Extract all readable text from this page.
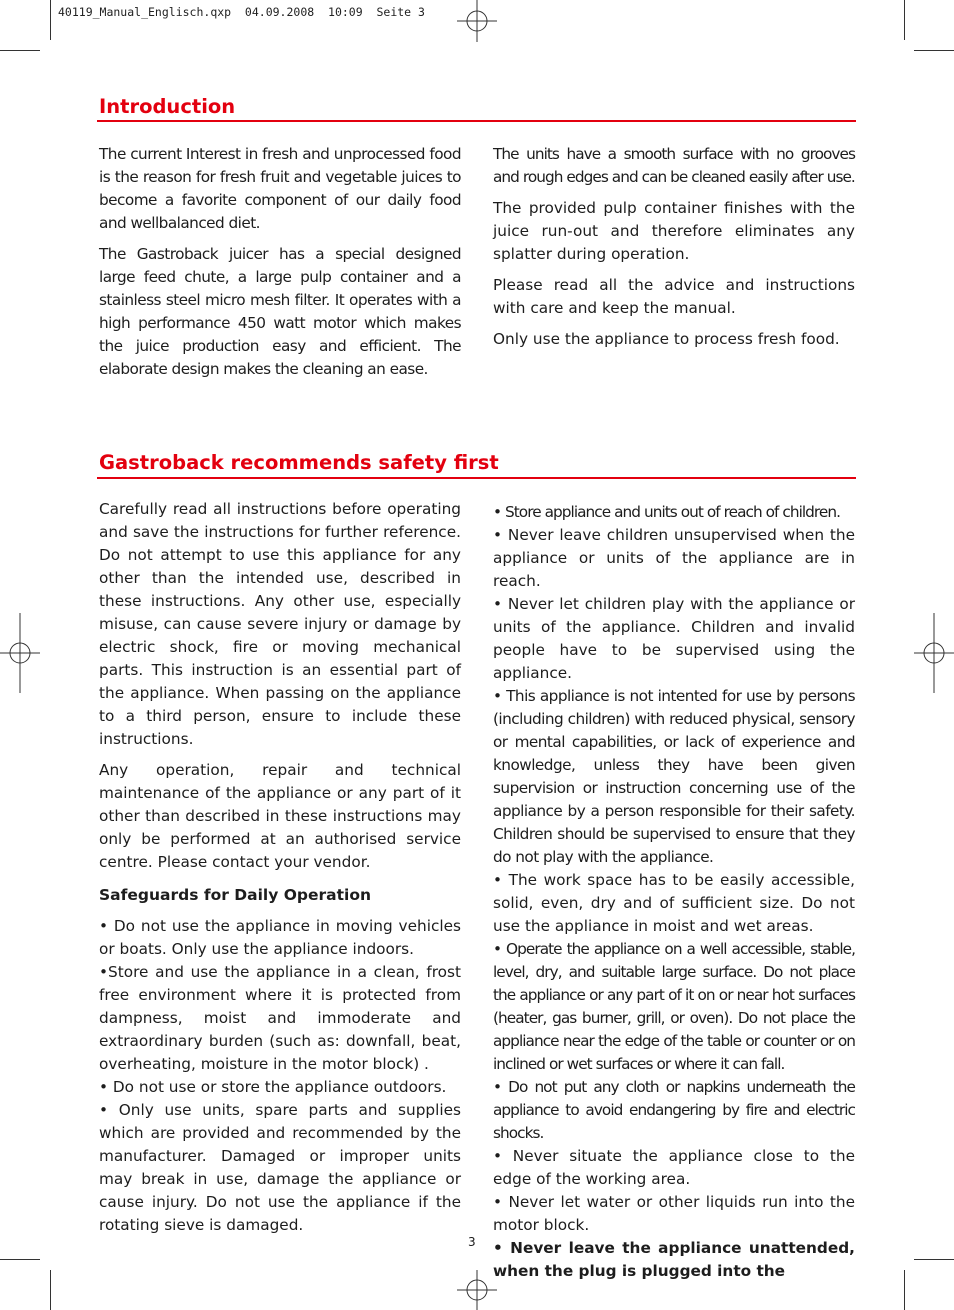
40119_Manual_Englisch.qxp  04.09.2008  10:09  Seite 3
Introduction

The current Interest in fresh and unprocessed food is the reason for fresh fruit and vegetable juices to become a favorite component of our daily food and wellbalanced diet.

The Gastroback juicer has a special designed large feed chute, a large pulp container and a stainless steel micro mesh filter. It operates with a high performance 450 watt motor which makes the juice production easy and efficient. The elaborate design makes the cleaning an ease.

The units have a smooth surface with no grooves and rough edges and can be cleaned easily after use.

The provided pulp container finishes with the juice run-out and therefore eliminates any splatter during operation.

Please read all the advice and instructions with care and keep the manual.

Only use the appliance to process fresh food.

Gastroback recommends safety first

Carefully read all instructions before operating and save the instructions for further reference. Do not attempt to use this appliance for any other than the intended use, described in these instructions. Any other use, especially misuse, can cause severe injury or damage by electric shock, fire or moving mechanical parts. This instruction is an essential part of the appliance. When passing on the appliance to a third person, ensure to include these instructions.

Any operation, repair and technical maintenance of the appliance or any part of it other than described in these instructions may only be performed at an authorised service centre. Please contact your vendor.

Safeguards for Daily Operation

• Do not use the appliance in moving vehicles or boats. Only use the appliance indoors.

•Store and use the appliance in a clean, frost free environment where it is protected from dampness, moist and immoderate and extraordinary burden (such as: downfall, beat, overheating, moisture in the motor block) .

• Do not use or store the appliance outdoors.

• Only use units, spare parts and supplies which are provided and recommended by the manufacturer. Damaged or improper units may break in use, damage the appliance or cause injury. Do not use the appliance if the rotating sieve is damaged.

• Store appliance and units out of reach of children.

• Never leave children unsupervised when the appliance or units of the appliance are in reach.

• Never let children play with the appliance or units of the appliance. Children and invalid people have to be supervised using the appliance.

• This appliance is not intented for use by persons (including children) with reduced physical, sensory or mental capabilities, or lack of experience and knowledge, unless they have been given supervision or instruction concerning use of the appliance by a person responsible for their safety. Children should be supervised to ensure that they do not play with the appliance.

• The work space has to be easily accessible, solid, even, dry and of sufficient size. Do not use the appliance in moist and wet areas.

• Operate the appliance on a well accessible, stable, level, dry, and suitable large surface. Do not place the appliance or any part of it on or near hot surfaces (heater, gas burner, grill, or oven). Do not place the appliance near the edge of the table or counter or on inclined or wet surfaces or where it can fall.

• Do not put any cloth or napkins underneath the appliance to avoid endangering by fire and electric shocks.

• Never situate the appliance close to the edge of the working area.

• Never let water or other liquids run into the motor block.

• Never leave the appliance unattended, when the plug is plugged into the

3
